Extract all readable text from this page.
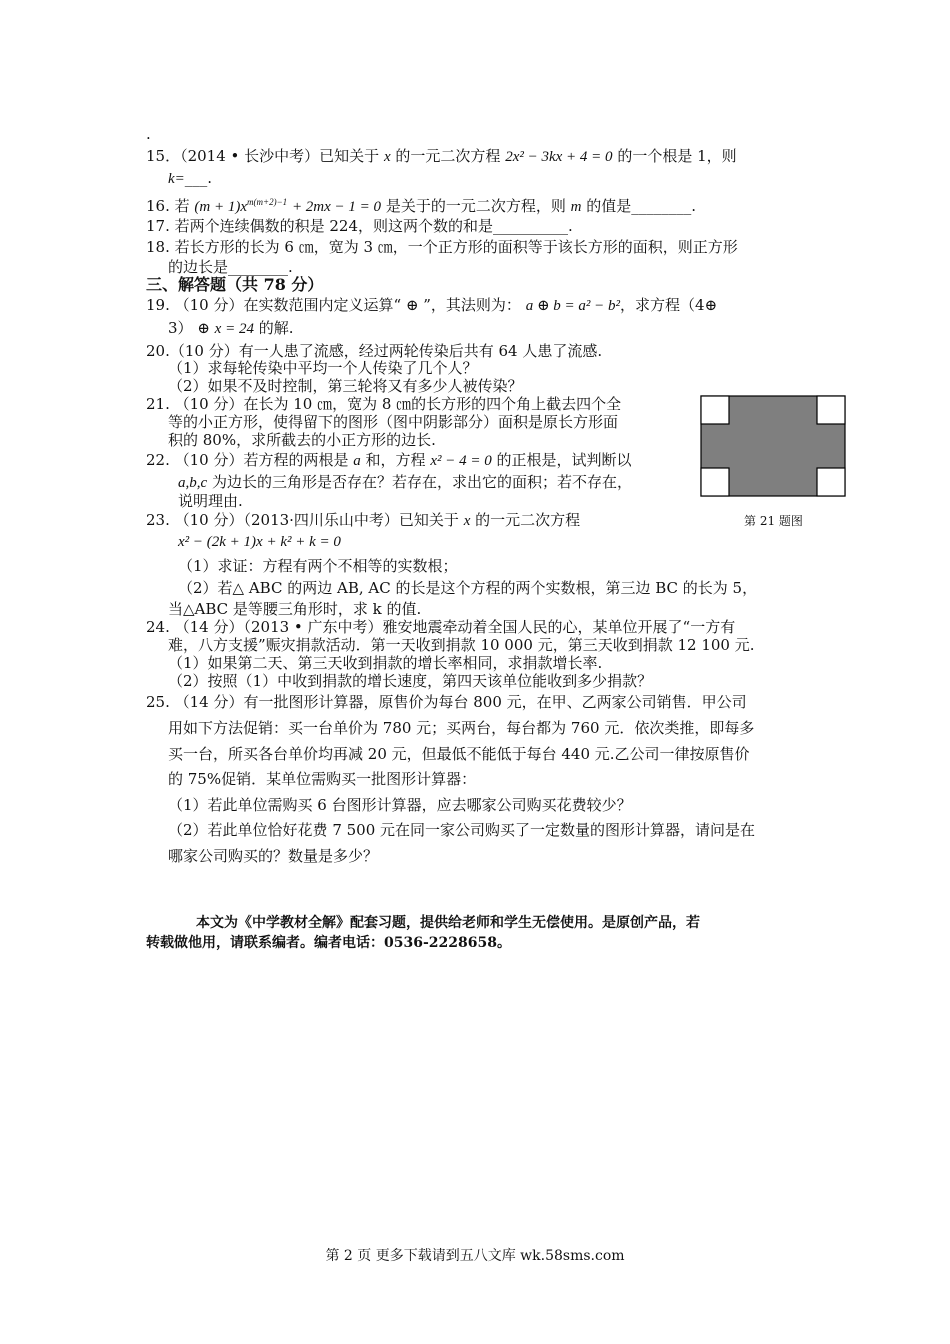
.
15．（2014 • 长沙中考）已知关于 x 的一元二次方程 2x² − 3kx + 4 = 0 的一个根是 1，则
k=___.
16. 若 $(m + 1)x^{m(m+2)-1} + 2mx - 1 = 0$ 是关于的一元二次方程，则 m 的值是________.
17. 若两个连续偶数的积是 224，则这两个数的和是__________.
18. 若长方形的长为 6 ㎝，宽为 3 ㎝，一个正方形的面积等于该长方形的面积，则正方形
的边长是________.
三、解答题（共 78 分）
19. （10 分）在实数范围内定义运算“ ⊕ ”，其法则为： a ⊕ b = a² − b²，求方程（4⊕
3） ⊕ x = 24 的解.
20.（10 分）有一人患了流感，经过两轮传染后共有 64 人患了流感.
（1）求每轮传染中平均一个人传染了几个人？
（2）如果不及时控制，第三轮将又有多少人被传染？
21. （10 分）在长为 10 ㎝，宽为 8 ㎝的长方形的四个角上截去四个全
等的小正方形，使得留下的图形（图中阴影部分）面积是原长方形面
积的 80%，求所截去的小正方形的边长.
第 21 题图
22. （10 分）若方程的两根是 a 和，方程 x² − 4 = 0 的正根是，试判断以
a,b,c 为边长的三角形是否存在？若存在，求出它的面积；若不存在，
说明理由.
23. （10 分）（2013·四川乐山中考）已知关于 x 的一元二次方程
x² − (2k + 1)x + k² + k = 0
（1）求证：方程有两个不相等的实数根；
（2）若△ ABC 的两边 AB, AC 的长是这个方程的两个实数根，第三边 BC 的长为 5，
当△ABC 是等腰三角形时，求 k 的值.
24. （14 分）（2013 • 广东中考）雅安地震牵动着全国人民的心，某单位开展了“一方有
难，八方支援”赈灾捐款活动．第一天收到捐款 10 000 元，第三天收到捐款 12 100 元.
（1）如果第二天、第三天收到捐款的增长率相同，求捐款增长率.
（2）按照（1）中收到捐款的增长速度，第四天该单位能收到多少捐款？
25. （14 分）有一批图形计算器，原售价为每台 800 元，在甲、乙两家公司销售．甲公司
用如下方法促销：买一台单价为 780 元；买两台，每台都为 760 元．依次类推，即每多
买一台，所买各台单价均再减 20 元，但最低不能低于每台 440 元.乙公司一律按原售价
的 75%促销．某单位需购买一批图形计算器：
（1）若此单位需购买 6 台图形计算器，应去哪家公司购买花费较少？
（2）若此单位恰好花费 7 500 元在同一家公司购买了一定数量的图形计算器，请问是在
哪家公司购买的？数量是多少？
本文为《中学教材全解》配套习题，提供给老师和学生无偿使用。是原创产品，若
转载做他用，请联系编者。编者电话：0536-2228658。
第 2 页 更多下载请到五八文库 wk.58sms.com
